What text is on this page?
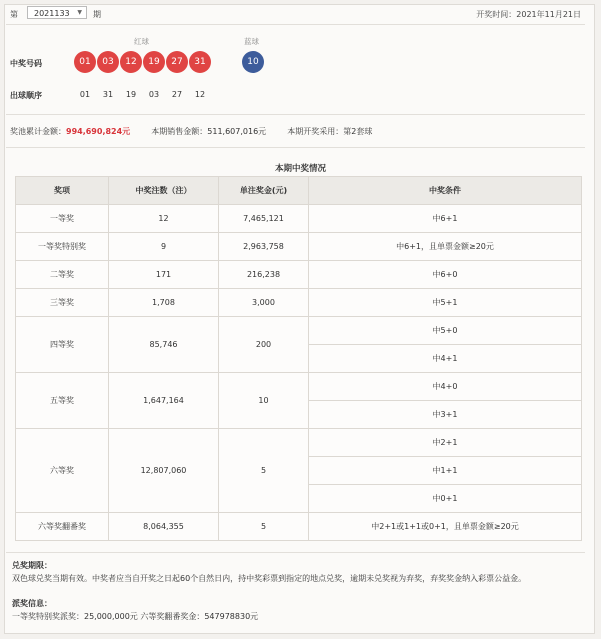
第 2021133 ▼ 期	开奖时间：2021年11月21日
红球	蓝球
中奖号码	01	03	12	19	27	31	10
出球顺序	01	31	19	03	27	12
奖池累计金额：994,690,824元	本期销售金额：511,607,016元	本期开奖采用：第2套球
本期中奖情况
奖项	中奖注数（注）	单注奖金(元)	中奖条件
一等奖	12	7,465,121	中6+1
一等奖特别奖	9	2,963,758	中6+1，且单票金额≥20元
二等奖	171	216,238	中6+0
三等奖	1,708	3,000	中5+1
四等奖	85,746	200	中5+0
			中4+1
五等奖	1,647,164	10	中4+0
			中3+1
六等奖	12,807,060	5	中2+1
			中1+1
			中0+1
六等奖翻番奖	8,064,355	5	中2+1或1+1或0+1，且单票金额≥20元
兑奖期限：
双色球兑奖当期有效。中奖者应当自开奖之日起60个自然日内，持中奖彩票到指定的地点兑奖，逾期未兑奖视为弃奖，弃奖奖金纳入彩票公益金。
派奖信息：
一等奖特别奖派奖：25,000,000元 六等奖翻番奖金：547978830元
